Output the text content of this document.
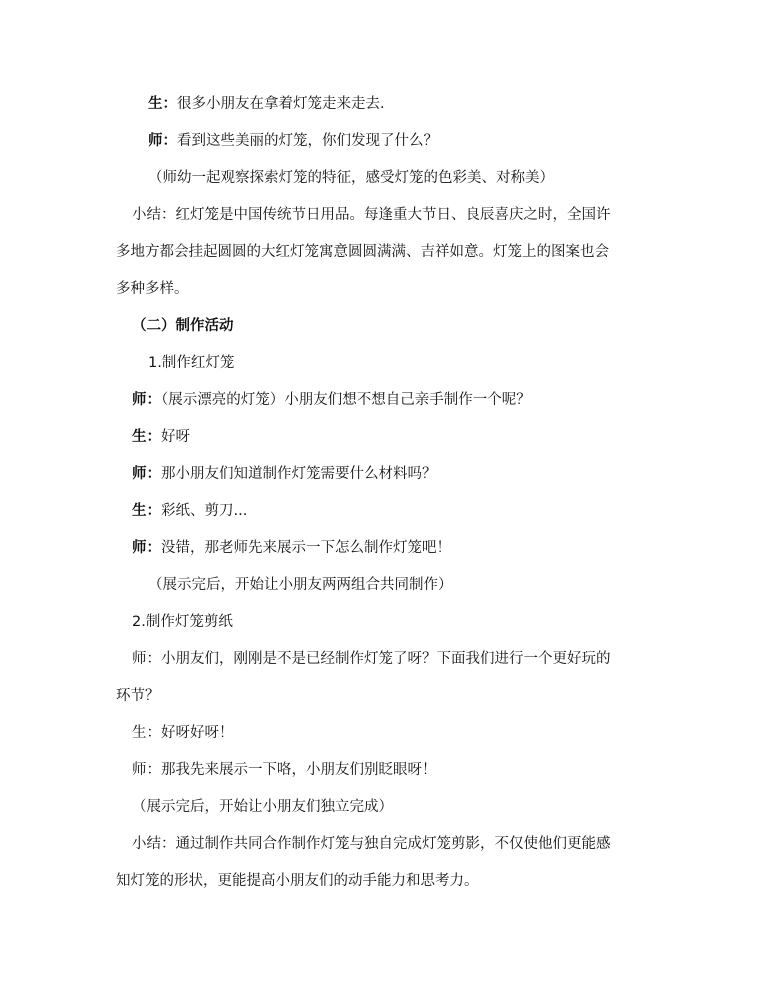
生：很多小朋友在拿着灯笼走来走去.
师：看到这些美丽的灯笼，你们发现了什么？
（师幼一起观察探索灯笼的特征，感受灯笼的色彩美、对称美）
小结：红灯笼是中国传统节日用品。每逢重大节日、良辰喜庆之时，全国许
多地方都会挂起圆圆的大红灯笼寓意圆圆满满、吉祥如意。灯笼上的图案也会
多种多样。
（二）制作活动
1.制作红灯笼
师：（展示漂亮的灯笼）小朋友们想不想自己亲手制作一个呢？
生：好呀
师：那小朋友们知道制作灯笼需要什么材料吗？
生：彩纸、剪刀...
师：没错，那老师先来展示一下怎么制作灯笼吧！
（展示完后，开始让小朋友两两组合共同制作）
2.制作灯笼剪纸
师：小朋友们，刚刚是不是已经制作灯笼了呀？下面我们进行一个更好玩的
环节？
生：好呀好呀！
师：那我先来展示一下咯，小朋友们别眨眼呀！
（展示完后，开始让小朋友们独立完成）
小结：通过制作共同合作制作灯笼与独自完成灯笼剪影，不仅使他们更能感
知灯笼的形状，更能提高小朋友们的动手能力和思考力。
